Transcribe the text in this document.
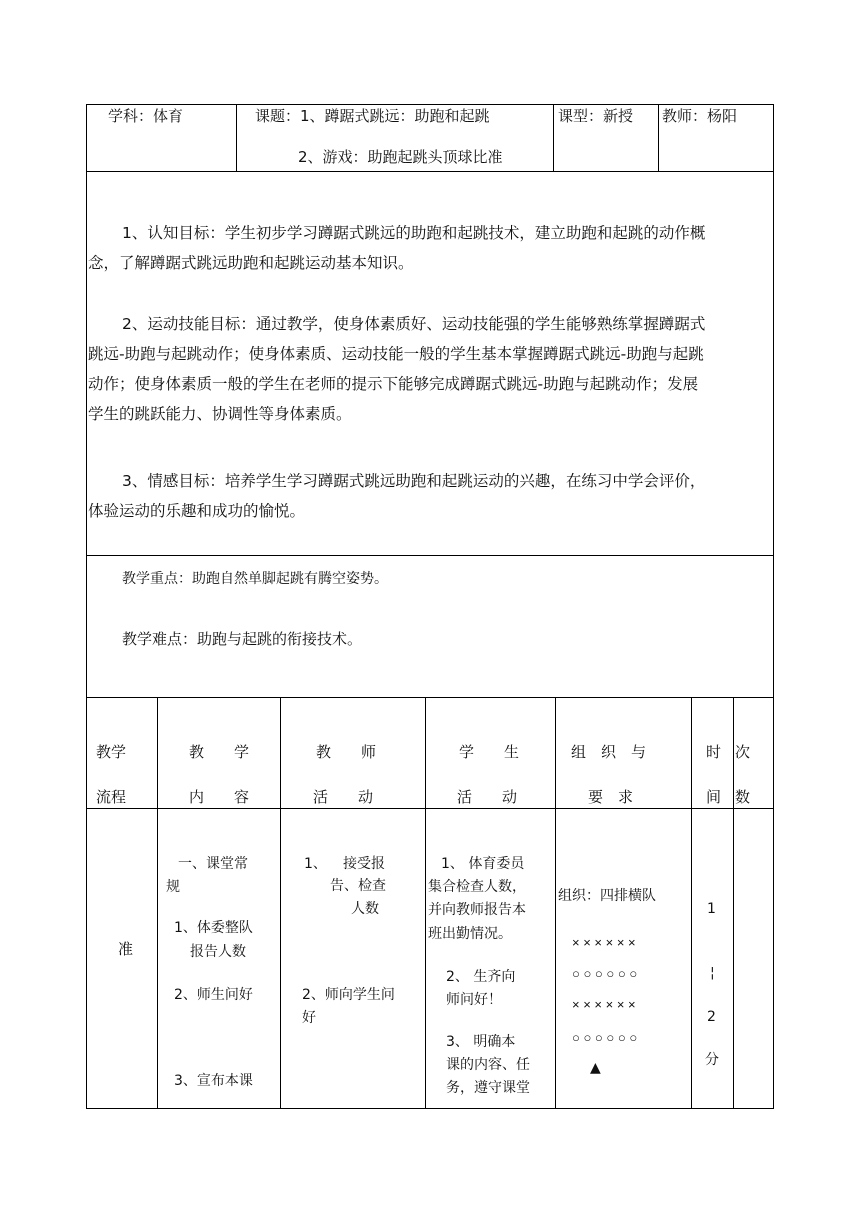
学科：体育	课题：1、蹲踞式跳远：助跑和起跳
2、游戏：助跑起跳头顶球比准
课型：新授 教师：杨阳
1、认知目标：学生初步学习蹲踞式跳远的助跑和起跳技术，建立助跑和起跳的动作概
念，了解蹲踞式跳远助跑和起跳运动基本知识。
2、运动技能目标：通过教学，使身体素质好、运动技能强的学生能够熟练掌握蹲踞式
跳远-助跑与起跳动作；使身体素质、运动技能一般的学生基本掌握蹲踞式跳远-助跑与起跳
动作；使身体素质一般的学生在老师的提示下能够完成蹲踞式跳远-助跑与起跳动作；发展
学生的跳跃能力、协调性等身体素质。
3、情感目标：培养学生学习蹲踞式跳远助跑和起跳运动的兴趣，在练习中学会评价，
体验运动的乐趣和成功的愉悦。
教学重点：助跑自然单脚起跳有腾空姿势。
教学难点：助跑与起跳的衔接技术。
教学
流程
教　　学
内　　容
教　　师
活　　动
学　　生
活　　动
组　织　与
要　求
时
间
次
数
准
一、课堂常
规
1、体委整队
报告人数
2、师生问好
3、宣布本课
1、 接受报
告、检查
人数
2、师向学生问
好
1、 体育委员
集合检查人数，
并向教师报告本
班出勤情况。
2、 生齐向
师问好！
3、 明确本
课的内容、任
务，遵守课堂
组织：四排横队
× × × × × ×
○ ○ ○ ○ ○ ○
× × × × × ×
○ ○ ○ ○ ○ ○
▲
1
¦
2
分
